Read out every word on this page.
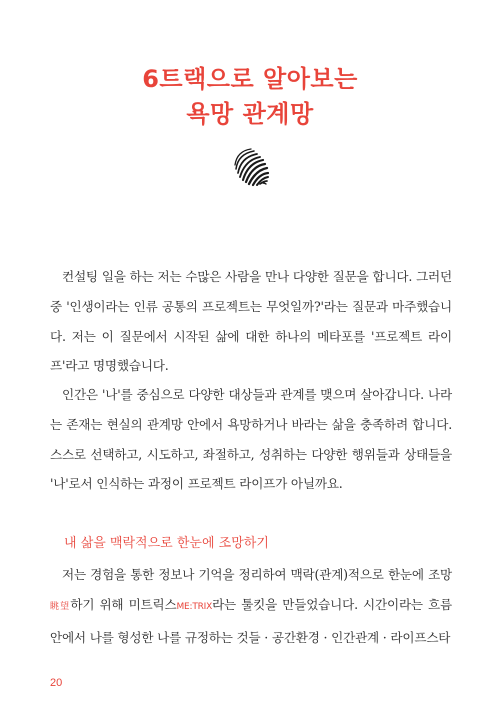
6트랙으로 알아보는
욕망 관계망

컨설팅 일을 하는 저는 수많은 사람을 만나 다양한 질문을 합니다. 그러던 중 '인생이라는 인류 공통의 프로젝트는 무엇일까?'라는 질문과 마주했습니다. 저는 이 질문에서 시작된 삶에 대한 하나의 메타포를 '프로젝트 라이프'라고 명명했습니다.

인간은 '나'를 중심으로 다양한 대상들과 관계를 맺으며 살아갑니다. 나라는 존재는 현실의 관계망 안에서 욕망하거나 바라는 삶을 충족하려 합니다. 스스로 선택하고, 시도하고, 좌절하고, 성취하는 다양한 행위들과 상태들을 '나'로서 인식하는 과정이 프로젝트 라이프가 아닐까요.

내 삶을 맥락적으로 한눈에 조망하기

저는 경험을 통한 정보나 기억을 정리하여 맥락(관계)적으로 한눈에 조망眺望하기 위해 미트릭스ME:TRIX라는 툴킷을 만들었습니다. 시간이라는 흐름 안에서 나를 형성한 나를 규정하는 것들 · 공간환경 · 인간관계 · 라이프스타

20
